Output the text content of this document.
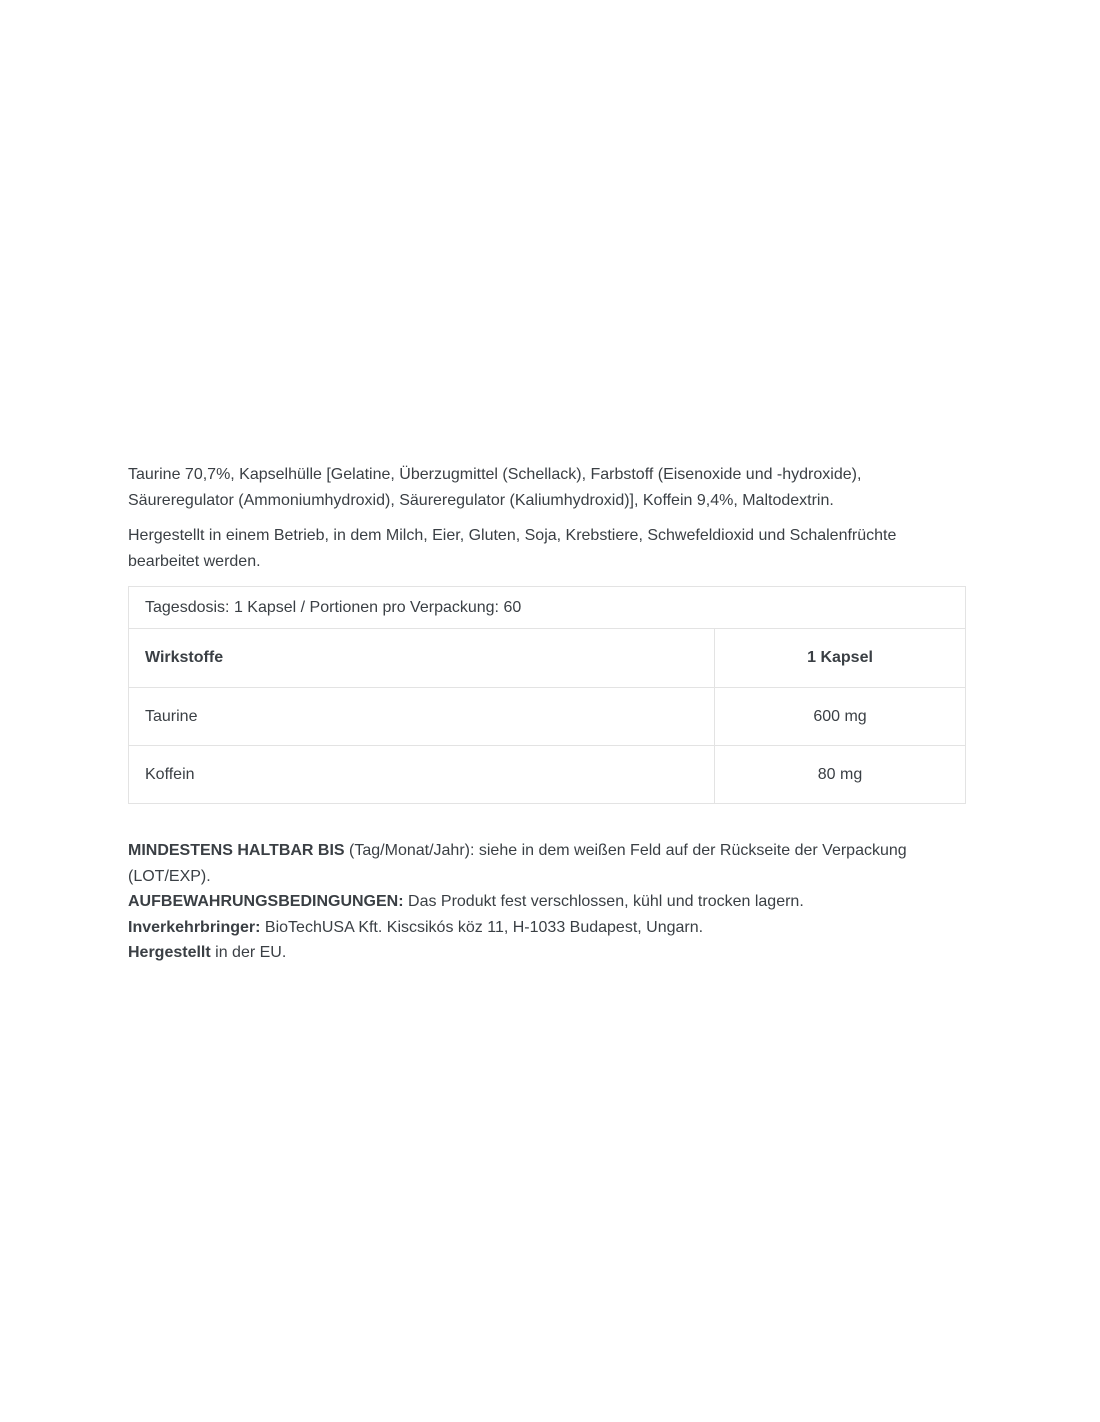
Taurine 70,7%, Kapselhülle [Gelatine, Überzugmittel (Schellack), Farbstoff (Eisenoxide und -hydroxide), Säureregulator (Ammoniumhydroxid), Säureregulator (Kaliumhydroxid)], Koffein 9,4%, Maltodextrin.

Hergestellt in einem Betrieb, in dem Milch, Eier, Gluten, Soja, Krebstiere, Schwefeldioxid und Schalenfrüchte bearbeitet werden.

Tagesdosis: 1 Kapsel / Portionen pro Verpackung: 60	
Wirkstoffe	1 Kapsel
Taurine	600 mg
Koffein	80 mg

MINDESTENS HALTBAR BIS (Tag/Monat/Jahr): siehe in dem weißen Feld auf der Rückseite der Verpackung (LOT/EXP).

AUFBEWAHRUNGSBEDINGUNGEN: Das Produkt fest verschlossen, kühl und trocken lagern.

Inverkehrbringer: BioTechUSA Kft. Kiscsikós köz 11, H-1033 Budapest, Ungarn.

Hergestellt in der EU.
